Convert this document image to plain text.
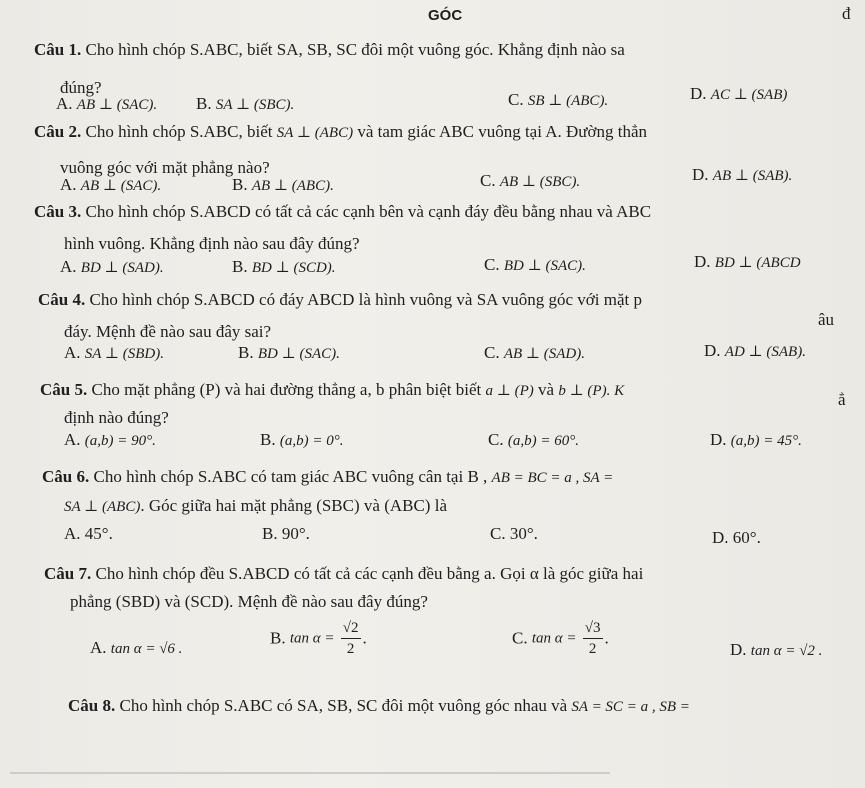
GÓC	đ
Câu 1. Cho hình chóp S.ABC, biết SA, SB, SC đôi một vuông góc. Khẳng định nào sa
đúng?
A. AB ⊥ (SAC). B. SA ⊥ (SBC).	C. SB ⊥ (ABC).	D. AC ⊥ (SAB)
Câu 2. Cho hình chóp S.ABC, biết SA ⊥ (ABC) và tam giác ABC vuông tại A. Đường thẳn
vuông góc với mặt phẳng nào?
A. AB ⊥ (SAC).	B. AB ⊥ (ABC).	C. AB ⊥ (SBC).	D. AB ⊥ (SAB).
Câu 3. Cho hình chóp S.ABCD có tất cả các cạnh bên và cạnh đáy đều bằng nhau và ABC
hình vuông. Khẳng định nào sau đây đúng?
A. BD ⊥ (SAD).	B. BD ⊥ (SCD).	C. BD ⊥ (SAC).	D. BD ⊥ (ABCD
Câu 4. Cho hình chóp S.ABCD có đáy ABCD là hình vuông và SA vuông góc với mặt p
âu
đáy. Mệnh đề nào sau đây sai?
A. SA ⊥ (SBD).	B. BD ⊥ (SAC).	C. AB ⊥ (SAD).	D. AD ⊥ (SAB).
Câu 5. Cho mặt phẳng (P) và hai đường thẳng a, b phân biệt biết a ⊥ (P) và b ⊥ (P). K	ẳ
định nào đúng?
A. (a,b) = 90°.	B. (a,b) = 0°.	C. (a,b) = 60°.	D. (a,b) = 45°.
Câu 6. Cho hình chóp S.ABC có tam giác ABC vuông cân tại B , AB = BC = a , SA =
SA ⊥ (ABC). Góc giữa hai mặt phẳng (SBC) và (ABC) là
A. 45°.	B. 90°.	C. 30°.	D. 60°.
Câu 7. Cho hình chóp đều S.ABCD có tất cả các cạnh đều bằng a. Gọi α là góc giữa hai
phẳng (SBD) và (SCD). Mệnh đề nào sau đây đúng?
A. tan α = √6 .
B. $\tan \alpha = \frac{√2}{2}$ .	C. $\tan \alpha = \frac{√3}{2}$ .
D. tan α = √2 .
Câu 8. Cho hình chóp S.ABC có SA, SB, SC đôi một vuông góc nhau và SA = SC = a , SB =
